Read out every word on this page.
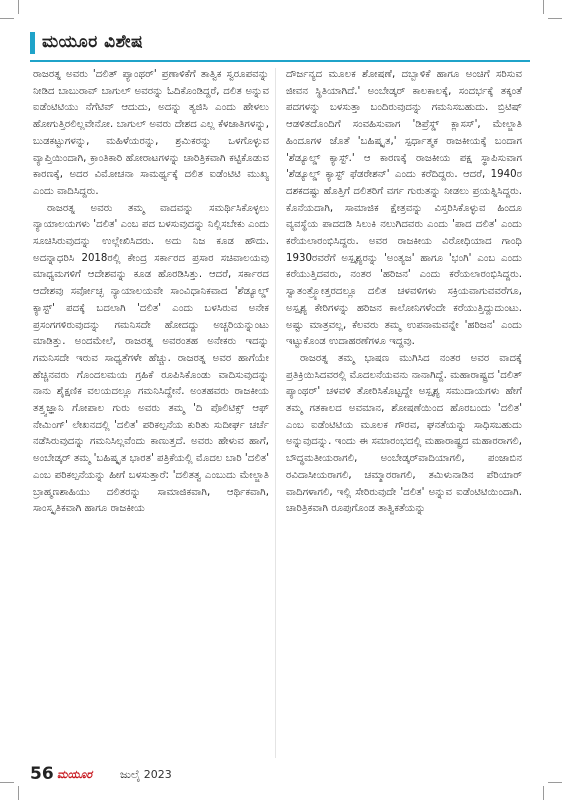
ಮಯೂರ ವಿಶೇಷ

ರಾಜರತ್ನ ಅವರು 'ದಲಿತ್ ಪ್ಯಾಂಥರ್' ಪ್ರಣಾಳಿಕೆಗೆ ತಾತ್ವಿಕ ಸ್ವರೂಪವನ್ನು ನೀಡಿದ ಬಾಬುರಾವ್ ಬಾಗುಲ್ ಅವರನ್ನು ಓದಿಕೊಂಡಿದ್ದರೆ, ದಲಿತ ಅನ್ನುವ ಐಡೆಂಟಿಟಿಯು ನೆಗೆಟಿವ್ ಆದುದು, ಅದನ್ನು ತ್ಯಜಿಸಿ ಎಂದು ಹೇಳಲು ಹೋಗುತ್ತಿರಲಿಲ್ಲವೇನೋ. ಬಾಗುಲ್ ಅವರು ದೇಶದ ಎಲ್ಲ ಕೆಳಜಾತಿಗಳನ್ನು, ಬುಡಕಟ್ಟುಗಳನ್ನು, ಮಹಿಳೆಯರನ್ನು, ಶ್ರಮಿಕರನ್ನು ಒಳಗೊಳ್ಳುವ ವ್ಯಾಪ್ತಿಯಿಂದಾಗಿ, ಕ್ರಾಂತಿಕಾರಿ ಹೋರಾಟಗಳನ್ನು ಚಾರಿತ್ರಿಕವಾಗಿ ಕಟ್ಟಿಕೊಡುವ ಕಾರಣಕ್ಕೆ, ಅದರ ವಿಮೋಚನಾ ಸಾಮರ್ಥ್ಯಕ್ಕೆ ದಲಿತ ಐಡೆಂಟಿಟಿ ಮುಖ್ಯ ಎಂದು ವಾದಿಸಿದ್ದರು.

ರಾಜರತ್ನ ಅವರು ತಮ್ಮ ವಾದವನ್ನು ಸಮರ್ಥಿಸಿಕೊಳ್ಳಲು ನ್ಯಾಯಾಲಯಗಳು 'ದಲಿತ' ಎಂಬ ಪದ ಬಳಸುವುದನ್ನು ನಿಲ್ಲಿಸಬೇಕು ಎಂದು ಸೂಚಿಸಿರುವುದನ್ನು ಉಲ್ಲೇಖಿಸಿದರು. ಅದು ನಿಜ ಕೂಡ ಹೌದು. ಅದನ್ನಾಧರಿಸಿ 2018ರಲ್ಲಿ ಕೇಂದ್ರ ಸರ್ಕಾರದ ಪ್ರಸಾರ ಸಚಿವಾಲಯವು ಮಾಧ್ಯಮಗಳಿಗೆ ಆದೇಶವನ್ನು ಕೂಡ ಹೊರಡಿಸಿತ್ತು. ಆದರೆ, ಸರ್ಕಾರದ ಆದೇಶವು ಸರ್ವೋಚ್ಛ ನ್ಯಾಯಾಲಯವೇ ಸಾಂವಿಧಾನಿಕವಾದ 'ಶೆಡ್ಯೂಲ್ಡ್ ಕ್ಯಾಸ್ಟ್' ಪದಕ್ಕೆ ಬದಲಾಗಿ 'ದಲಿತ' ಎಂದು ಬಳಸಿರುವ ಅನೇಕ ಪ್ರಸಂಗಗಳಿರುವುದನ್ನು ಗಮನಿಸದೇ ಹೋದದ್ದು ಅಚ್ಚರಿಯನ್ನುಂಟು ಮಾಡಿತ್ತು. ಅಂದಮೇಲೆ, ರಾಜರತ್ನ ಅವರಂತಹ ಅನೇಕರು ಇದನ್ನು ಗಮನಿಸದೇ ಇರುವ ಸಾಧ್ಯತೆಗಳೇ ಹೆಚ್ಚು. ರಾಜರತ್ನ ಅವರ ಹಾಗೆಯೇ ಹೆಚ್ಚಿನವರು ಗೊಂದಲಮಯ ಗ್ರಹಿಕೆ ರೂಪಿಸಿಕೊಂಡು ವಾದಿಸುವುದನ್ನು ನಾನು ಶೈಕ್ಷಣಿಕ ವಲಯದಲ್ಲೂ ಗಮನಿಸಿದ್ದೇನೆ. ಅಂತಹವರು ರಾಜಕೀಯ ತತ್ತ್ವಜ್ಞಾನಿ ಗೋಪಾಲ ಗುರು ಅವರು ತಮ್ಮ 'ದಿ ಪೊಲಿಟಿಕ್ಸ್ ಆಫ್ ನೇಮಿಂಗ್' ಲೇಖನದಲ್ಲಿ 'ದಲಿತ' ಪರಿಕಲ್ಪನೆಯ ಕುರಿತು ಸುದೀರ್ಘ ಚರ್ಚೆ ನಡೆಸಿರುವುದನ್ನು ಗಮನಿಸಿಲ್ಲವೆಂದು ಕಾಣುತ್ತದೆ. ಅವರು ಹೇಳುವ ಹಾಗೆ, ಅಂಬೇಡ್ಕರ್ ತಮ್ಮ 'ಬಹಿಷ್ಕೃತ ಭಾರತ' ಪತ್ರಿಕೆಯಲ್ಲಿ ಮೊದಲ ಬಾರಿ 'ದಲಿತ' ಎಂಬ ಪರಿಕಲ್ಪನೆಯನ್ನು ಹೀಗೆ ಬಳಸುತ್ತಾರೆ: 'ದಲಿತತ್ವ ಎಂಬುದು ಮೇಲ್ಜಾತಿ ಬ್ರಾಹ್ಮಣಶಾಹಿಯು ದಲಿತರನ್ನು ಸಾಮಾಜಿಕವಾಗಿ, ಆರ್ಥಿಕವಾಗಿ, ಸಾಂಸ್ಕೃತಿಕವಾಗಿ ಹಾಗೂ ರಾಜಕೀಯ

ದೌರ್ಜನ್ಯದ ಮೂಲಕ ಶೋಷಣೆ, ದಬ್ಬಾಳಿಕೆ ಹಾಗೂ ಅಂಚಿಗೆ ಸರಿಸುವ ಜೀವನ ಸ್ಥಿತಿಯಾಗಿದೆ.' ಅಂಬೇಡ್ಕರ್ ಕಾಲಕಾಲಕ್ಕೆ, ಸಂದರ್ಭಕ್ಕೆ ತಕ್ಕಂತೆ ಪದಗಳನ್ನು ಬಳಸುತ್ತಾ ಬಂದಿರುವುದನ್ನು ಗಮನಿಸಬಹುದು. ಬ್ರಿಟಿಷ್ ಆಡಳಿತದೊಂದಿಗೆ ಸಂವಹಿಸುವಾಗ 'ಡಿಪ್ರೆಸ್ಡ್ ಕ್ಲಾಸಸ್', ಮೇಲ್ಜಾತಿ ಹಿಂದೂಗಳ ಜೊತೆ 'ಬಹಿಷ್ಕೃತ,' ಸ್ಪರ್ಧಾತ್ಮಕ ರಾಜಕೀಯಕ್ಕೆ ಬಂದಾಗ 'ಶೆಡ್ಯೂಲ್ಡ್ ಕ್ಯಾಸ್ಟ್.' ಆ ಕಾರಣಕ್ಕೆ ರಾಜಕೀಯ ಪಕ್ಷ ಸ್ಥಾಪಿಸುವಾಗ 'ಶೆಡ್ಯೂಲ್ಡ್ ಕ್ಯಾಸ್ಟ್ ಫೆಡರೇಶನ್' ಎಂದು ಕರೆದಿದ್ದರು. ಆದರೆ, 1940ರ ದಶಕದಷ್ಟು ಹೊತ್ತಿಗೆ ದಲಿತರಿಗೆ ವರ್ಗ ಗುರುತನ್ನು ನೀಡಲು ಪ್ರಯತ್ನಿಸಿದ್ದರು. ಕೊನೆಯದಾಗಿ, ಸಾಮಾಜಿಕ ಕ್ಷೇತ್ರವನ್ನು ವಿಸ್ತರಿಸಿಕೊಳ್ಳುವ ಹಿಂದೂ ವ್ಯವಸ್ಥೆಯ ಪಾದದಡಿ ಸಿಲುಕಿ ನಲುಗಿದವರು ಎಂದು 'ಪಾದ ದಲಿತ' ಎಂದು ಕರೆಯಲಾರಂಭಿಸಿದ್ದರು. ಅವರ ರಾಜಕೀಯ ವಿರೋಧಿಯಾದ ಗಾಂಧಿ 1930ರವರೆಗೆ ಅಸ್ಪೃಶ್ಯರನ್ನು 'ಅಂತ್ಯಜ' ಹಾಗೂ 'ಭಂಗಿ' ಎಂಬ ಎಂದು ಕರೆಯುತ್ತಿದವರು, ನಂತರ 'ಹರಿಜನ' ಎಂದು ಕರೆಯಲಾರಂಭಿಸಿದ್ದರು. ಸ್ವಾತಂತ್ರ್ಯೋತ್ತರದಲ್ಲೂ ದಲಿತ ಚಳವಳಿಗಳು ಸಕ್ರಿಯವಾಗುವವರೆಗೂ, ಅಸ್ಪೃಶ್ಯ ಕೇರಿಗಳನ್ನು ಹರಿಜನ ಕಾಲೋನಿಗಳೆಂದೇ ಕರೆಯುತ್ತಿದ್ದುದುಂಟು. ಅಷ್ಟು ಮಾತ್ರವಲ್ಲ, ಕೆಲವರು ತಮ್ಮ ಉಪನಾಮವನ್ನೇ 'ಹರಿಜನ' ಎಂದು ಇಟ್ಟುಕೊಂಡ ಉದಾಹರಣೆಗಳೂ ಇದ್ದವು.

ರಾಜರತ್ನ ತಮ್ಮ ಭಾಷಣ ಮುಗಿಸಿದ ನಂತರ ಅವರ ವಾದಕ್ಕೆ ಪ್ರತಿಕ್ರಿಯಿಸಿದವರಲ್ಲಿ ಮೊದಲನೆಯವನು ನಾನಾಗಿದ್ದೆ. ಮಹಾರಾಷ್ಟ್ರದ 'ದಲಿತ್ ಪ್ಯಾಂಥರ್' ಚಳವಳಿ ತೋರಿಸಿಕೊಟ್ಟದ್ದೇ ಅಸ್ಪೃಶ್ಯ ಸಮುದಾಯಗಳು ಹೇಗೆ ತಮ್ಮ ಗತಕಾಲದ ಅವಮಾನ, ಶೋಷಣೆಯಿಂದ ಹೊರಬಂದು 'ದಲಿತ' ಎಂಬ ಐಡೆಂಟಿಟಿಯ ಮೂಲಕ ಗೌರವ, ಘನತೆಯನ್ನು ಸಾಧಿಸಬಹುದು ಅನ್ನುವುದನ್ನು. ಇಂದು ಈ ಸಮಾರಂಭದಲ್ಲಿ ಮಹಾರಾಷ್ಟ್ರದ ಮಹಾರರಾಗಲಿ, ಬೌದ್ಧಮತೀಯರಾಗಲಿ, ಅಂಬೇಡ್ಕರ್‌ವಾದಿಯಾಗಲಿ, ಪಂಜಾಬಿನ ರವಿದಾಸೀಯರಾಗಲಿ, ಚಮ್ಮಾರರಾಗಲಿ, ತಮಿಳುನಾಡಿನ ಪೆರಿಯಾರ್ ವಾದಿಗಳಾಗಲಿ, ಇಲ್ಲಿ ಸೇರಿರುವುದೇ 'ದಲಿತ' ಅನ್ನುವ ಐಡೆಂಟಿಟಿಯಿಂದಾಗಿ. ಚಾರಿತ್ರಿಕವಾಗಿ ರೂಪುಗೊಂಡ ತಾತ್ವಿಕತೆಯನ್ನು

56 ಮಯೂರ	ಜುಲೈ 2023
